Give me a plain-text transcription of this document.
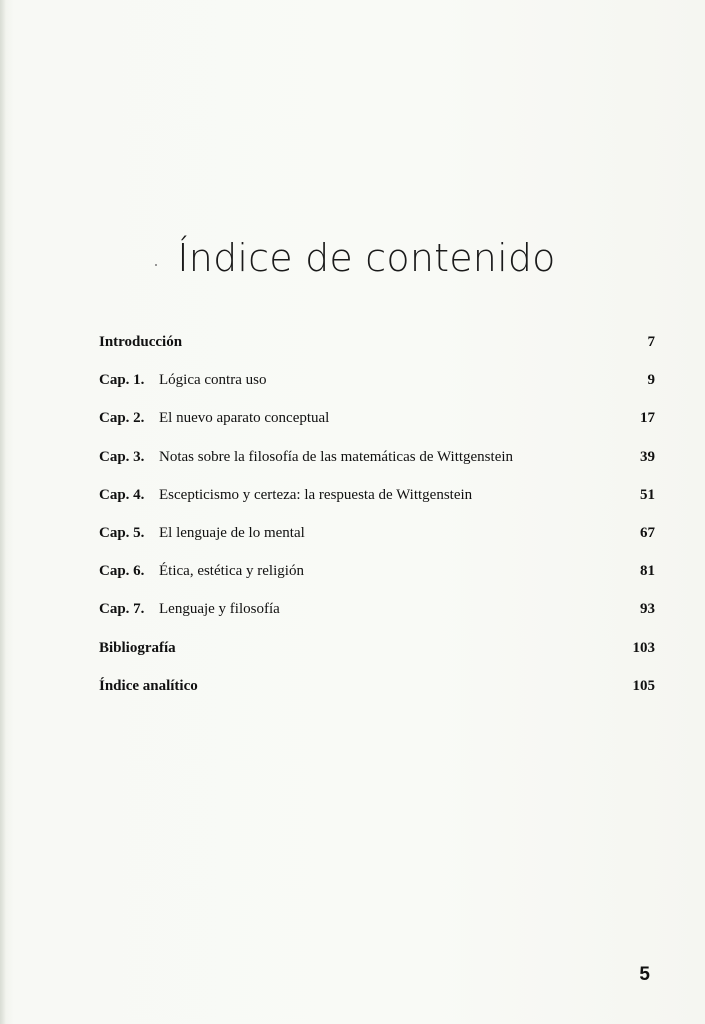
Índice de contenido
Introducción	7
Cap. 1. Lógica contra uso	9
Cap. 2. El nuevo aparato conceptual	17
Cap. 3. Notas sobre la filosofía de las matemáticas de Wittgenstein	39
Cap. 4. Escepticismo y certeza: la respuesta de Wittgenstein	51
Cap. 5. El lenguaje de lo mental	67
Cap. 6. Ética, estética y religión	81
Cap. 7. Lenguaje y filosofía	93
Bibliografía	103
Índice analítico	105
5
